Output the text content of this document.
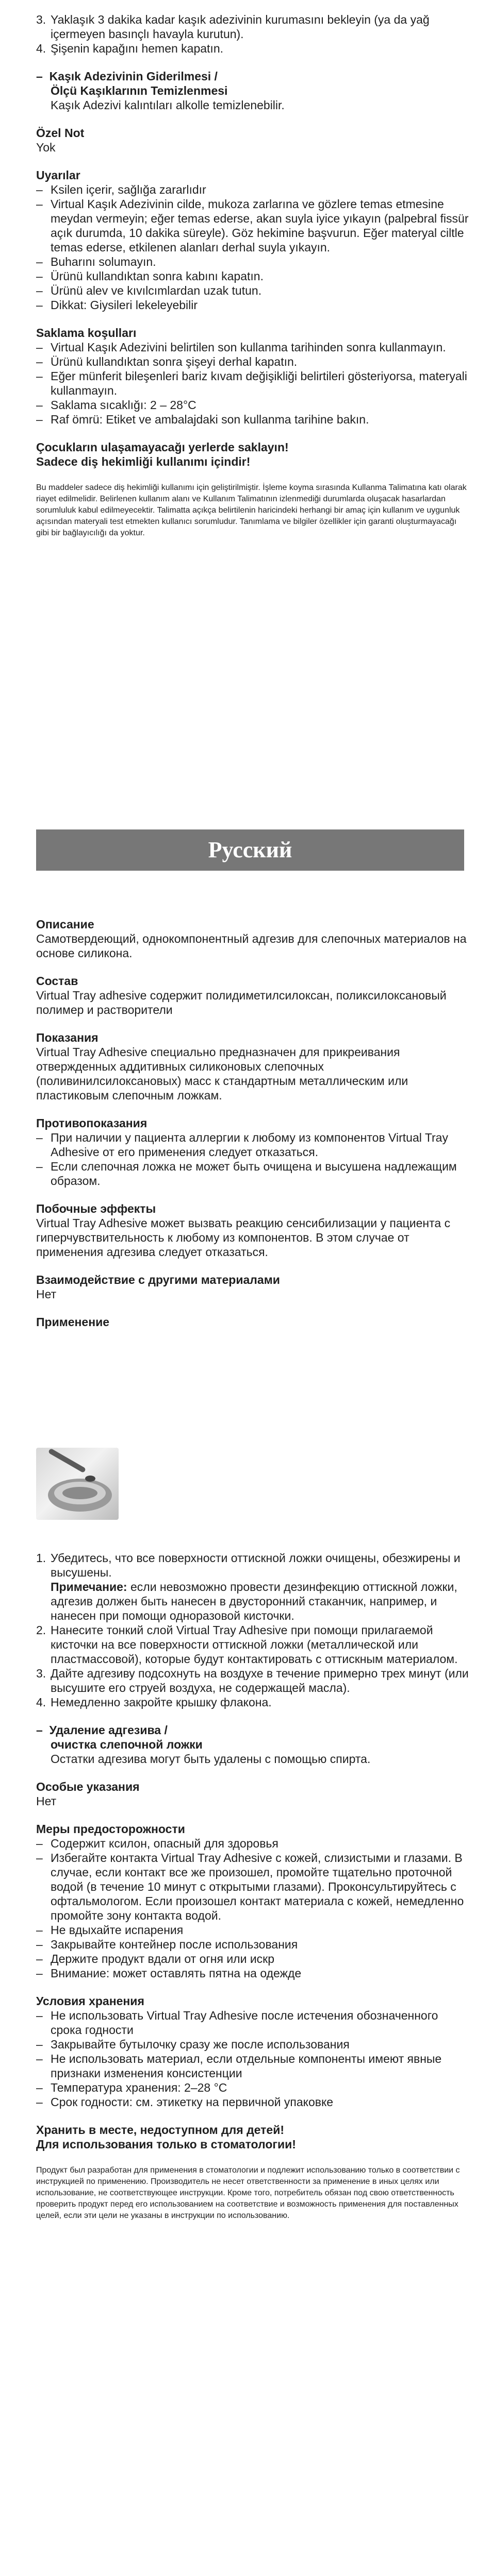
3. Yaklaşık 3 dakika kadar kaşık adezivinin kurumasını bekleyin (ya da yağ içermeyen basınçlı havayla kurutun).
4. Şişenin kapağını hemen kapatın.

–  Kaşık Adezivinin Giderilmesi /

Ölçü Kaşıklarının Temizlenmesi

Kaşık Adezivi kalıntıları alkolle temizlenebilir.

Özel Not

Yok

Uyarılar

– Ksilen içerir, sağlığa zararlıdır
– Virtual Kaşık Adezivinin cilde, mukoza zarlarına ve gözlere temas etmesine meydan vermeyin; eğer temas ederse, akan suyla iyice yıkayın (palpebral fissür açık durumda, 10 dakika süreyle). Göz hekimine başvurun. Eğer materyal ciltle temas ederse, etkilenen alanları derhal suyla yıkayın.
– Buharını solumayın.
– Ürünü kullandıktan sonra kabını kapatın.
– Ürünü alev ve kıvılcımlardan uzak tutun.
– Dikkat: Giysileri lekeleyebilir

Saklama koşulları

– Virtual Kaşık Adezivini belirtilen son kullanma tarihinden sonra kullanmayın.
– Ürünü kullandıktan sonra şişeyi derhal kapatın.
– Eğer münferit bileşenleri bariz kıvam değişikliği belirtileri gösteriyorsa, materyali kullanmayın.
– Saklama sıcaklığı: 2 – 28°C
– Raf ömrü: Etiket ve ambalajdaki son kullanma tarihine bakın.

Çocukların ulaşamayacağı yerlerde saklayın!

Sadece diş hekimliği kullanımı içindir!

Bu maddeler sadece diş hekimliği kullanımı için geliştirilmiştir. İşleme koyma sırasında Kullanma Talimatına katı olarak riayet edilmelidir. Belirlenen kullanım alanı ve Kullanım Talimatının izlenmediği durumlarda oluşacak hasarlardan sorumluluk kabul edilmeyecektir. Talimatta açıkça belirtilenin haricindeki herhangi bir amaç için kullanım ve uygunluk açısından materyali test etmekten kullanıcı sorumludur. Tanımlama ve bilgiler özellikler için garanti oluşturmayacağı gibi bir bağlayıcılığı da yoktur.

Русский

Описание

Самотвердеющий, однокомпонентный адгезив для слепочных материалов на основе силикона.

Состав

Virtual Tray adhesive содержит полидиметилсилоксан, поликсилоксановый полимер и растворители

Показания

Virtual Tray Adhesive специально предназначен для прикреивания отвержденных аддитивных силиконовых слепочных (поливинилсилоксановых) масс к стандартным металлическим или пластиковым слепочным ложкам.

Противопоказания

– При наличии у пациента аллергии к любому из компонентов Virtual Tray Adhesive от его применения следует отказаться.
– Если слепочная ложка не может быть очищена и высушена надлежащим образом.

Побочные эффекты

Virtual Tray Adhesive может вызвать реакцию сенсибилизации у пациента с гиперчувствительность к любому из компонентов. В этом случае от применения адгезива следует отказаться.

Взаимодействие с другими материалами

Нет

Применение

1. Убедитесь, что все поверхности оттискной ложки очищены, обезжирены и высушены.
Примечание: если невозможно провести дезинфекцию оттискной ложки, адгезив должен быть нанесен в двусторонний стаканчик, например, и нанесен при помощи одноразовой кисточки.
2. Нанесите тонкий слой Virtual Tray Adhesive при помощи прилагаемой кисточки на все поверхности оттискной ложки (металлической или пластмассовой), которые будут контактировать с оттискным материалом.
3. Дайте адгезиву подсохнуть на воздухе в течение примерно трех минут (или высушите его струей воздуха, не содержащей масла).
4. Немедленно закройте крышку флакона.

–  Удаление адгезива /

очистка слепочной ложки

Остатки адгезива могут быть удалены с помощью спирта.

Особые указания

Нет

Меры предосторожности

– Содержит ксилон, опасный для здоровья
– Избегайте контакта Virtual Tray Adhesive с кожей, слизистыми и глазами. В случае, если контакт все же произошел, промойте тщательно проточной водой (в течение 10 минут с открытыми глазами). Проконсультируйтесь с офтальмологом. Если произошел контакт материала с кожей, немедленно промойте зону контакта водой.
– Не вдыхайте испарения
– Закрывайте контейнер после использования
– Держите продукт вдали от огня или искр
– Внимание: может оставлять пятна на одежде

Условия хранения

– Не использовать Virtual Tray Adhesive после истечения обозначенного срока годности
– Закрывайте бутылочку сразу же после использования
– Не использовать материал, если отдельные компоненты имеют явные признаки изменения консистенции
– Температура хранения: 2–28 °C
– Срок годности: см. этикетку на первичной упаковке

Хранить в месте, недоступном для детей!

Для использования только в стоматологии!

Продукт был разработан для применения в стоматологии и подлежит использованию только в соответствии с инструкцией по применению. Производитель не несет ответственности за применение в иных целях или использование, не соответствующее инструкции. Кроме того, потребитель обязан под свою ответственность проверить продукт перед его использованием на соответствие и возможность применения для поставленных целей, если эти цели не указаны в инструкции по использованию.
